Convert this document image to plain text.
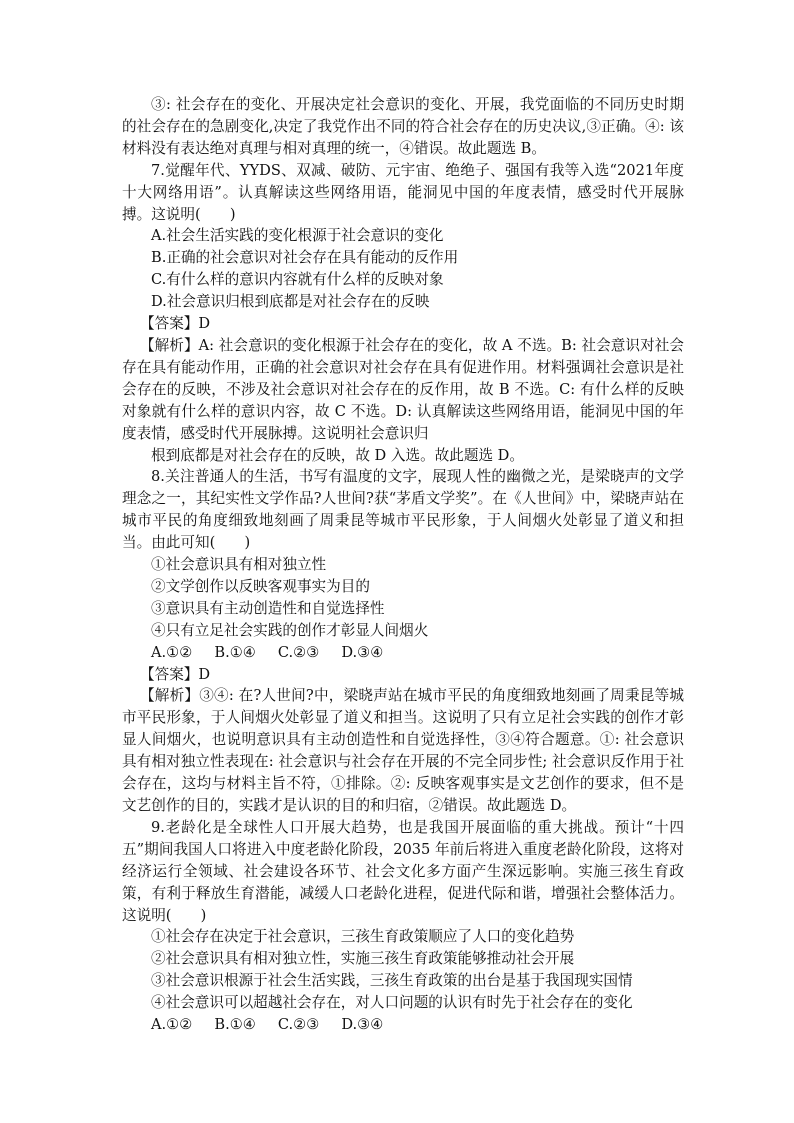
③: 社会存在的变化、开展决定社会意识的变化、开展，我党面临的不同历史时期的社会存在的急剧变化,决定了我党作出不同的符合社会存在的历史决议,③正确。④: 该材料没有表达绝对真理与相对真理的统一，④错误。故此题选 B。

7.觉醒年代、YYDS、双减、破防、元宇宙、绝绝子、强国有我等入选“2021年度十大网络用语”。认真解读这些网络用语，能洞见中国的年度表情，感受时代开展脉搏。这说明(　　)

A.社会生活实践的变化根源于社会意识的变化

B.正确的社会意识对社会存在具有能动的反作用

C.有什么样的意识内容就有什么样的反映对象

D.社会意识归根到底都是对社会存在的反映

【答案】D

【解析】A: 社会意识的变化根源于社会存在的变化，故 A 不选。B: 社会意识对社会存在具有能动作用，正确的社会意识对社会存在具有促进作用。材料强调社会意识是社会存在的反映，不涉及社会意识对社会存在的反作用，故 B 不选。C: 有什么样的反映对象就有什么样的意识内容，故 C 不选。D: 认真解读这些网络用语，能洞见中国的年度表情，感受时代开展脉搏。这说明社会意识归

根到底都是对社会存在的反映，故 D 入选。故此题选 D。

8.关注普通人的生活，书写有温度的文字，展现人性的幽微之光，是梁晓声的文学理念之一，其纪实性文学作品?人世间?获“茅盾文学奖”。在《人世间》中，梁晓声站在城市平民的角度细致地刻画了周秉昆等城市平民形象，于人间烟火处彰显了道义和担当。由此可知(　　)

①社会意识具有相对独立性

②文学创作以反映客观事实为目的

③意识具有主动创造性和自觉选择性

④只有立足社会实践的创作才彰显人间烟火

A.①② B.①④ C.②③ D.③④

【答案】D

【解析】③④: 在?人世间?中，梁晓声站在城市平民的角度细致地刻画了周秉昆等城市平民形象，于人间烟火处彰显了道义和担当。这说明了只有立足社会实践的创作才彰显人间烟火，也说明意识具有主动创造性和自觉选择性，③④符合题意。①: 社会意识具有相对独立性表现在: 社会意识与社会存在开展的不完全同步性; 社会意识反作用于社会存在，这均与材料主旨不符，①排除。②: 反映客观事实是文艺创作的要求，但不是文艺创作的目的，实践才是认识的目的和归宿，②错误。故此题选 D。

9.老龄化是全球性人口开展大趋势，也是我国开展面临的重大挑战。预计“十四五”期间我国人口将进入中度老龄化阶段，2035 年前后将进入重度老龄化阶段，这将对经济运行全领域、社会建设各环节、社会文化多方面产生深远影响。实施三孩生育政策，有利于释放生育潜能，减缓人口老龄化进程，促进代际和谐，增强社会整体活力。这说明(　　)

①社会存在决定于社会意识，三孩生育政策顺应了人口的变化趋势

②社会意识具有相对独立性，实施三孩生育政策能够推动社会开展

③社会意识根源于社会生活实践，三孩生育政策的出台是基于我国现实国情

④社会意识可以超越社会存在，对人口问题的认识有时先于社会存在的变化

A.①② B.①④ C.②③ D.③④
